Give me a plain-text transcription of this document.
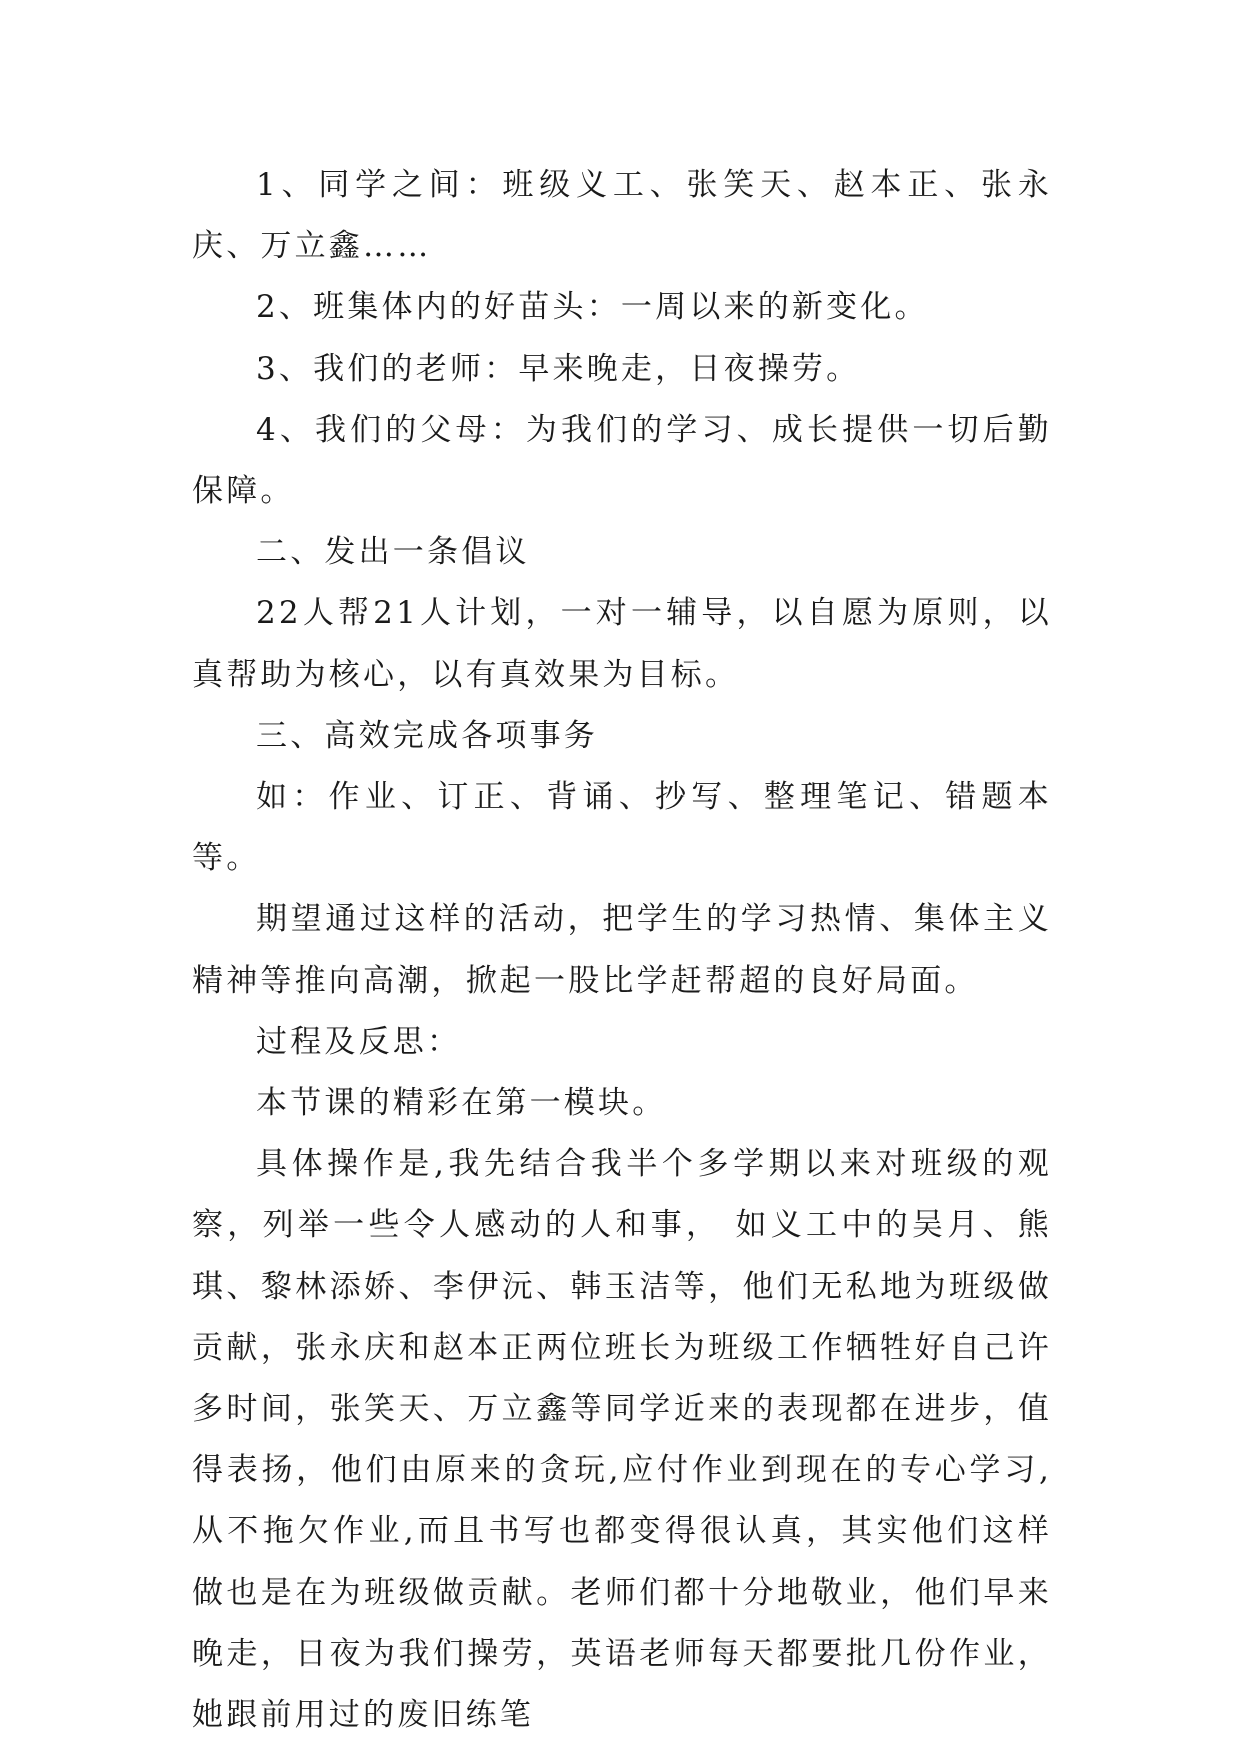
1、同学之间：班级义工、张笑天、赵本正、张永庆、万立鑫……

2、班集体内的好苗头：一周以来的新变化。

3、我们的老师：早来晚走，日夜操劳。

4、我们的父母：为我们的学习、成长提供一切后勤保障。

二、发出一条倡议

22人帮21人计划，一对一辅导，以自愿为原则，以真帮助为核心，以有真效果为目标。

三、高效完成各项事务

如：作业、订正、背诵、抄写、整理笔记、错题本等。

期望通过这样的活动，把学生的学习热情、集体主义精神等推向高潮，掀起一股比学赶帮超的良好局面。

过程及反思：

本节课的精彩在第一模块。

具体操作是,我先结合我半个多学期以来对班级的观察，列举一些令人感动的人和事， 如义工中的吴月、熊琪、黎林添娇、李伊沅、韩玉洁等，他们无私地为班级做贡献，张永庆和赵本正两位班长为班级工作牺牲好自己许多时间，张笑天、万立鑫等同学近来的表现都在进步，值得表扬，他们由原来的贪玩,应付作业到现在的专心学习,从不拖欠作业,而且书写也都变得很认真，其实他们这样做也是在为班级做贡献。老师们都十分地敬业，他们早来晚走，日夜为我们操劳，英语老师每天都要批几份作业，她跟前用过的废旧练笔
